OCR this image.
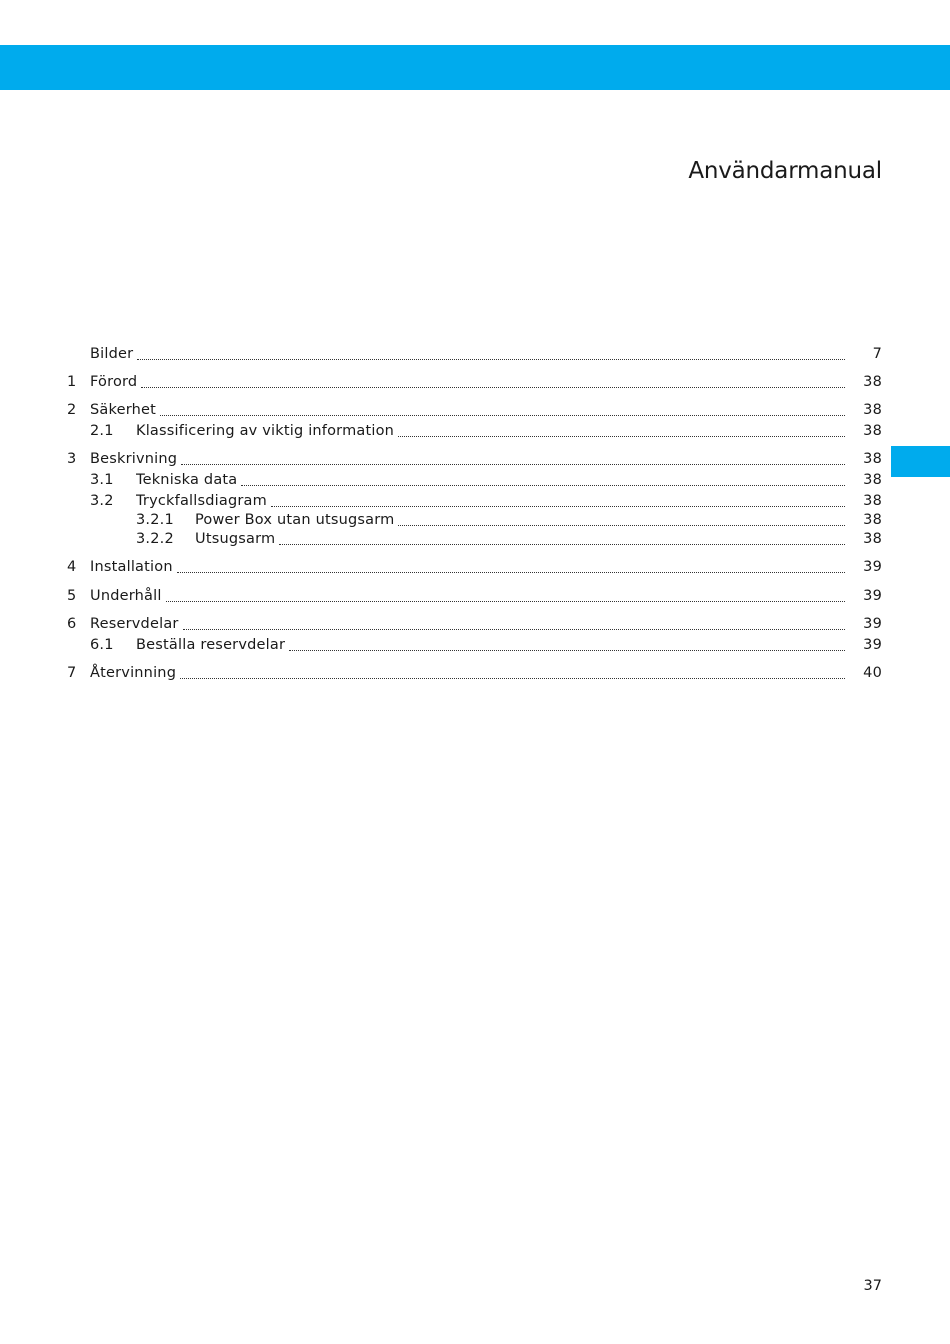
Användarmanual
Bilder	7
1 Förord	38
2 Säkerhet	38
2.1 Klassificering av viktig information	38
3 Beskrivning	38
3.1 Tekniska data	38
3.2 Tryckfallsdiagram	38
3.2.1 Power Box utan utsugsarm	38
3.2.2 Utsugsarm	38
4 Installation	39
5 Underhåll	39
6 Reservdelar	39
6.1 Beställa reservdelar	39
7 Återvinning	40
37
